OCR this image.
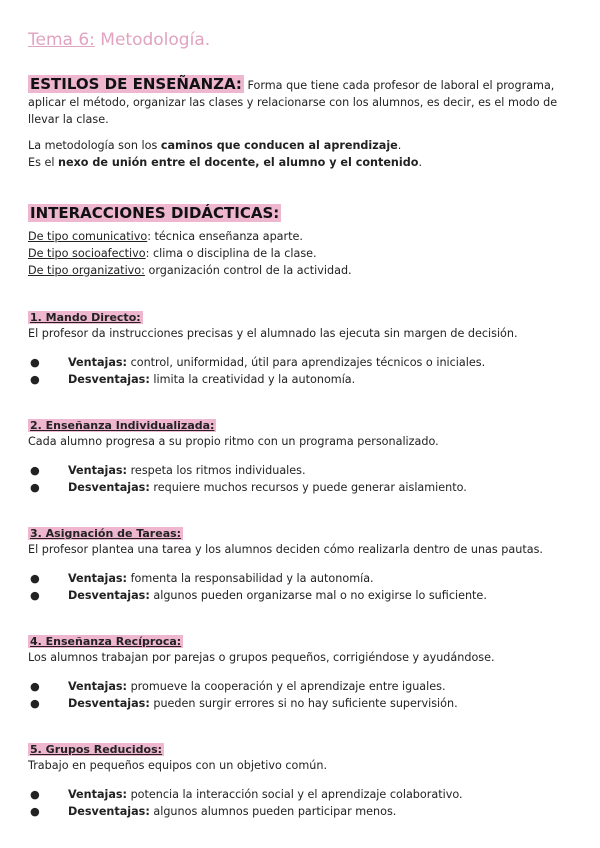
Tema 6: Metodología.
ESTILOS DE ENSEÑANZA: Forma que tiene cada profesor de laboral el programa, aplicar el método, organizar las clases y relacionarse con los alumnos, es decir, es el modo de llevar la clase.
La metodología son los caminos que conducen al aprendizaje.
Es el nexo de unión entre el docente, el alumno y el contenido.
INTERACCIONES DIDÁCTICAS:
De tipo comunicativo: técnica enseñanza aparte.
De tipo socioafectivo: clima o disciplina de la clase.
De tipo organizativo: organización control de la actividad.
1. Mando Directo:
El profesor da instrucciones precisas y el alumnado las ejecuta sin margen de decisión.
●	Ventajas: control, uniformidad, útil para aprendizajes técnicos o iniciales.
●	Desventajas: limita la creatividad y la autonomía.
2. Enseñanza Individualizada:
Cada alumno progresa a su propio ritmo con un programa personalizado.
●	Ventajas: respeta los ritmos individuales.
●	Desventajas: requiere muchos recursos y puede generar aislamiento.
3. Asignación de Tareas:
El profesor plantea una tarea y los alumnos deciden cómo realizarla dentro de unas pautas.
●	Ventajas: fomenta la responsabilidad y la autonomía.
●	Desventajas: algunos pueden organizarse mal o no exigirse lo suficiente.
4. Enseñanza Recíproca:
Los alumnos trabajan por parejas o grupos pequeños, corrigiéndose y ayudándose.
●	Ventajas: promueve la cooperación y el aprendizaje entre iguales.
●	Desventajas: pueden surgir errores si no hay suficiente supervisión.
5. Grupos Reducidos:
Trabajo en pequeños equipos con un objetivo común.
●	Ventajas: potencia la interacción social y el aprendizaje colaborativo.
●	Desventajas: algunos alumnos pueden participar menos.
